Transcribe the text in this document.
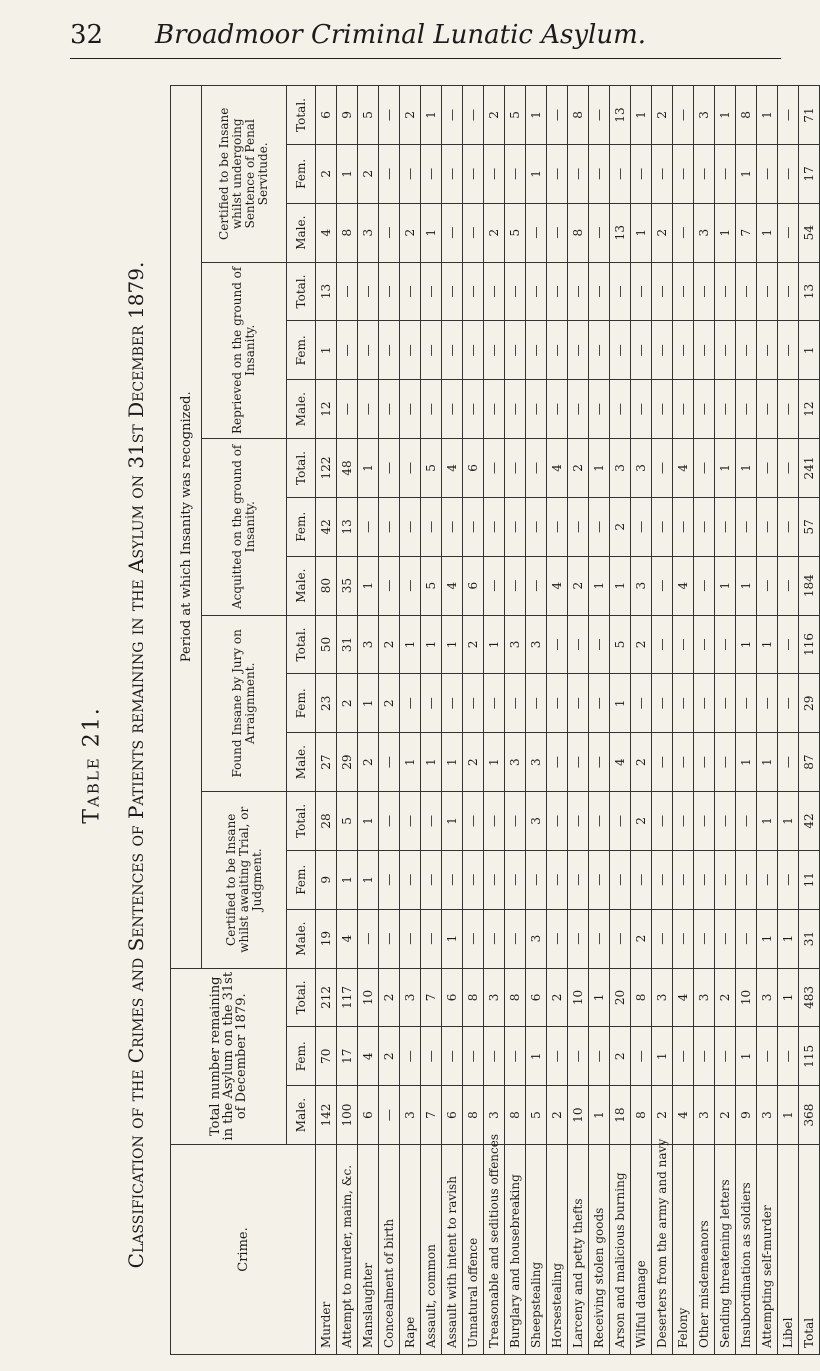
32	Broadmoor Criminal Lunatic Asylum.
Table 21. Classification of the Crimes and Sentences of Patients remaining in the Asylum on 31st December 1879.	Crime.	Total number remaining in the Asylum on the 31st of December 1879.			Period at which Insanity was recognized.														
				Certified to be Insane whilst awaiting Trial, or Judgment.			Found Insane by Jury on Arraignment.			Acquitted on the ground of Insanity.			Reprieved on the ground of Insanity.			Certified to be Insane whilst undergoing Sentence of Penal Servitude.		
	Male.	Fem.	Total.	Male.	Fem.	Total.	Male.	Fem.	Total.	Male.	Fem.	Total.	Male.	Fem.	Total.	Male.	Fem.	Total.
Murder	142	70	212	19	9	28	27	23	50	80	42	122	12	1	13	4	2	6
Attempt to murder, maim, &c.	100	17	117	4	1	5	29	2	31	35	13	48	—	—	—	8	1	9
Manslaughter	6	4	10	—	1	1	2	1	3	1	—	1	—	—	—	3	2	5
Concealment of birth	—	2	2	—	—	—	—	2	2	—	—	—	—	—	—	—	—	—
Rape	3	—	3	—	—	—	1	—	1	—	—	—	—	—	—	2	—	2
Assault, common	7	—	7	—	—	—	1	—	1	5	—	5	—	—	—	1	—	1
Assault with intent to ravish	6	—	6	1	—	1	1	—	1	4	—	4	—	—	—	—	—	—
Unnatural offence	8	—	8	—	—	—	2	—	2	6	—	6	—	—	—	—	—	—
Treasonable and seditious offences	3	—	3	—	—	—	1	—	1	—	—	—	—	—	—	2	—	2
Burglary and housebreaking	8	—	8	—	—	—	3	—	3	—	—	—	—	—	—	5	—	5
Sheepstealing	5	1	6	3	—	3	3	—	3	—	—	—	—	—	—	—	1	1
Horsestealing	2	—	2	—	—	—	—	—	—	4	—	4	—	—	—	—	—	—
Larceny and petty thefts	10	—	10	—	—	—	—	—	—	2	—	2	—	—	—	8	—	8
Receiving stolen goods	1	—	1	—	—	—	—	—	—	1	—	1	—	—	—	—	—	—
Arson and malicious burning	18	2	20	—	—	—	4	1	5	1	2	3	—	—	—	13	—	13
Wilful damage	8	—	8	2	—	2	2	—	2	3	—	3	—	—	—	1	—	1
Deserters from the army and navy	2	1	3	—	—	—	—	—	—	—	—	—	—	—	—	2	—	2
Felony	4	—	4	—	—	—	—	—	—	4	—	4	—	—	—	—	—	—
Other misdemeanors	3	—	3	—	—	—	—	—	—	—	—	—	—	—	—	3	—	3
Sending threatening letters	2	—	2	—	—	—	—	—	—	1	—	1	—	—	—	1	—	1
Insubordination as soldiers	9	1	10	—	—	—	1	—	1	1	—	1	—	—	—	7	1	8
Attempting self-murder	3	—	3	1	—	1	1	—	1	—	—	—	—	—	—	1	—	1
Libel	1	—	1	1	—	1	—	—	—	—	—	—	—	—	—	—	—	—
Total	368	115	483	31	11	42	87	29	116	184	57	241	12	1	13	54	17	71
